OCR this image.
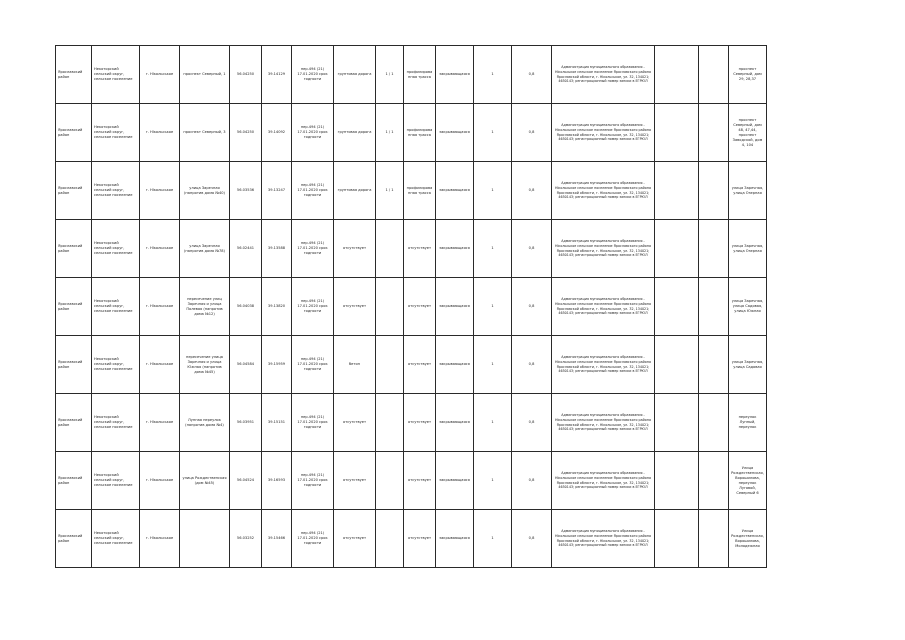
Ярославский район	Некоторский сельский округ, сельское поселение	г. Нікольськое	проспект Северный, 1	56.04250	39.14129	пер.494 (21) 17.01.2020 срок годности	грунтовая дорога	1 / 1	профилированная трасса	закрывающаяся	1	0,8	Администрация муниципального образования - Нікольськое сельское поселение Ярославского района Ярославской области, г. Нікольськое, ул. 32, 134021; 4650143; регистрационный номер записи в ЕГРЮЛ			проспект Северный, дом 29, 28,37
Ярославский район	Некоторский сельский округ, сельское поселение	г. Нікольськое	проспект Северный, 3	56.04250	39.14092	пер.494 (21) 17.01.2020 срок годности	грунтовая дорога	1 / 1	профилированная трасса	закрывающаяся	1	0,8	Администрация муниципального образования - Нікольськое сельское поселение Ярославского района Ярославской области, г. Нікольськое, ул. 32, 134021; 4650143; регистрационный номер записи в ЕГРЮЛ			проспект Северный, дом 48, 47,44, проспект Заводской, дом 4, 104
Ярославский район	Некоторский сельский округ, сельское поселение	г. Нікольськое	улица Заречная (напротив дома №40)	56.03536	39.13247	пер.494 (21) 17.01.2020 срок годности	грунтовая дорога	1 / 1	профилированная трасса	закрывающаяся	1	0,8	Администрация муниципального образования - Нікольськое сельское поселение Ярославского района Ярославской области, г. Нікольськое, ул. 32, 134021; 4650143; регистрационный номер записи в ЕГРЮЛ			улица Заречная, улица Озерная
Ярославский район	Некоторский сельский округ, сельское поселение	г. Нікольськое	улица Заречная (напротив дома №78)	56.02441	39.13588	пер.494 (21) 17.01.2020 срок годности	отсутствует		отсутствует	закрывающаяся	1	0,8	Администрация муниципального образования - Нікольськое сельское поселение Ярославского района Ярославской области, г. Нікольськое, ул. 32, 134021; 4650143; регистрационный номер записи в ЕГРЮЛ			улица Заречная, улица Озерная
Ярославский район	Некоторский сельский округ, сельское поселение	г. Нікольськое	пересечение улиц Заречная и улица Полевая (напротив дома №12)	56.04038	39.13820	пер.494 (21) 17.01.2020 срок годности	отсутствует		отсутствует	закрывающаяся	1	0,8	Администрация муниципального образования - Нікольськое сельское поселение Ярославского района Ярославской области, г. Нікольськое, ул. 32, 134021; 4650143; регистрационный номер записи в ЕГРЮЛ			улица Заречная, улица Садовая, улица Южная
Ярославский район	Некоторский сельский округ, сельское поселение	г. Нікольськое	пересечение улица Заречная и улица Южная (напротив дома №45)	56.04584	39.15959	пер.494 (21) 17.01.2020 срок годности	бетон		отсутствует	закрывающаяся	1	0,8	Администрация муниципального образования - Нікольськое сельское поселение Ярославского района Ярославской области, г. Нікольськое, ул. 32, 134021; 4650143; регистрационный номер записи в ЕГРЮЛ			улица Заречная, улица Садовая
Ярославский район	Некоторский сельский округ, сельское поселение	г. Нікольськое	Лунная переулок (напротив дома №4)	56.03951	39.15151	пер.494 (21) 17.01.2020 срок годности	отсутствует		отсутствует	закрывающаяся	1	0,8	Администрация муниципального образования - Нікольськое сельское поселение Ярославского района Ярославской области, г. Нікольськое, ул. 32, 134021; 4650143; регистрационный номер записи в ЕГРЮЛ			переулок Лунный, переулок
Ярославский район	Некоторский сельский округ, сельское поселение	г. Нікольськое	улица Рождественская (дом №45)	56.04524	39.16593	пер.494 (21) 17.01.2020 срок годности	отсутствует		отсутствует	закрывающаяся	1	0,8	Администрация муниципального образования - Нікольськое сельское поселение Ярославского района Ярославской области, г. Нікольськое, ул. 32, 134021; 4650143; регистрационный номер записи в ЕГРЮЛ			Улица Рождественская, Ворошилова, переулок Луговой, Северный 6
Ярославский район	Некоторский сельский округ, сельское поселение	г. Нікольськое		56.03252	39.15466	пер.494 (21) 17.01.2020 срок годности	отсутствует		отсутствует	закрывающаяся	1	0,8	Администрация муниципального образования - Нікольськое сельское поселение Ярославского района Ярославской области, г. Нікольськое, ул. 32, 134021; 4650143; регистрационный номер записи в ЕГРЮЛ			Улица Рождественская, Ворошилова, Молодежная
